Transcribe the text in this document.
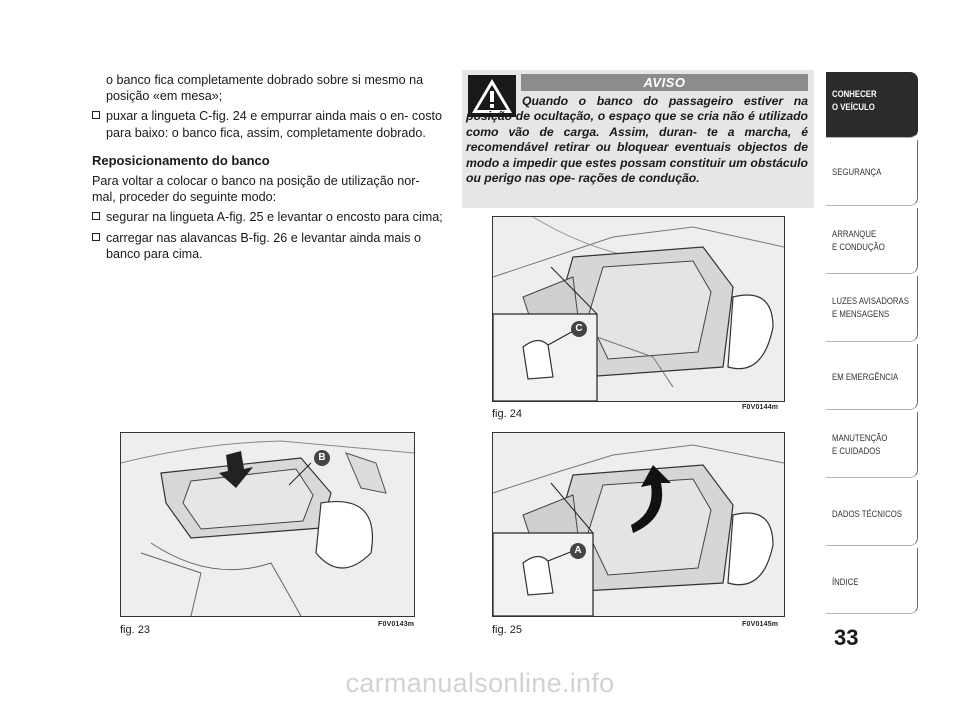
o banco fica completamente dobrado sobre si mesmo na posição «em mesa»;

puxar a lingueta C-fig. 24 e empurrar ainda mais o en- costo para baixo: o banco fica, assim, completamente dobrado.

Reposicionamento do banco

Para voltar a colocar o banco na posição de utilização nor- mal, proceder do seguinte modo:

segurar na lingueta A-fig. 25 e levantar o encosto para cima;

carregar nas alavancas B-fig. 26 e levantar ainda mais o banco para cima.

AVISO
Quando o banco do passageiro estiver na posição de ocultação, o espaço que se cria não é utilizado como vão de carga. Assim, duran- te a marcha, é recomendável retirar ou bloquear eventuais objectos de modo a impedir que estes possam constituir um obstáculo ou perigo nas ope- rações de condução.
C
fig. 24
F0V0144m
B
fig. 23	F0V0143m
A
fig. 25	F0V0145m
CONHECER
O VEÍCULO
SEGURANÇA
ARRANQUE
E CONDUÇÃO
LUZES AVISADORAS
E MENSAGENS
EM EMERGÊNCIA
MANUTENÇÃO
E CUIDADOS
DADOS TÉCNICOS
ÍNDICE
33
carmanualsonline.info
